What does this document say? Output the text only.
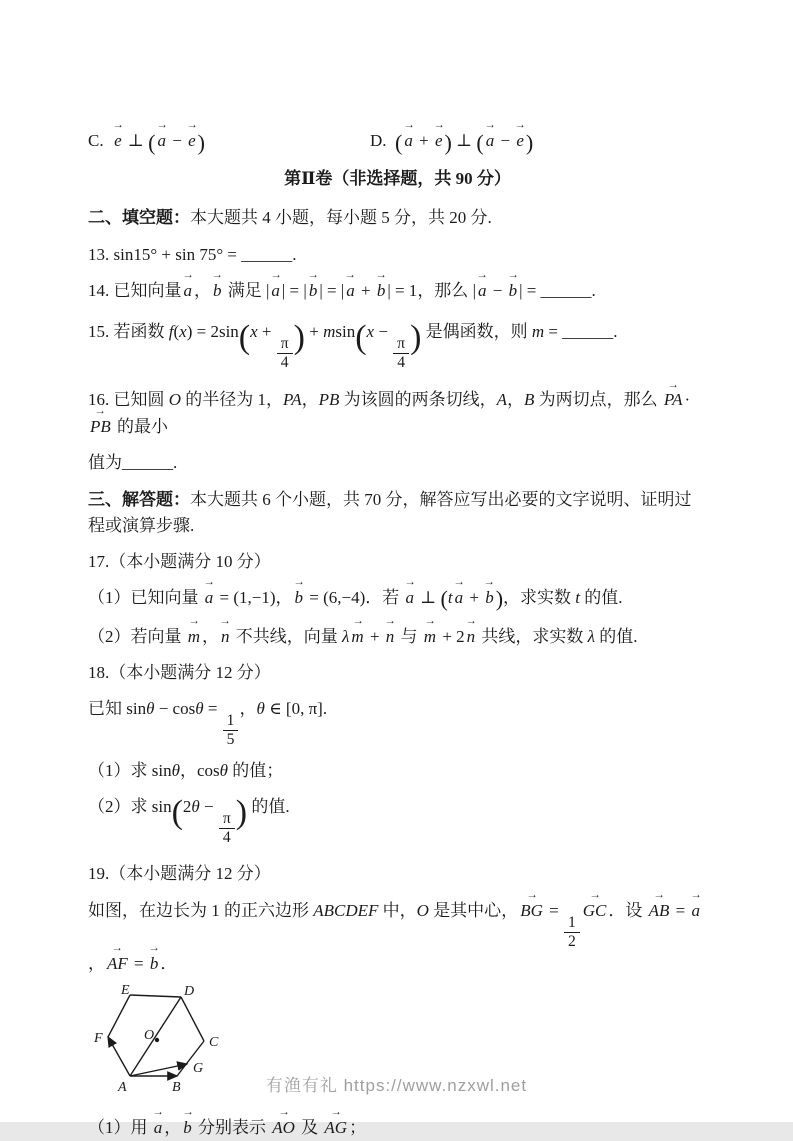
C.  → e ⊥ ( → a − → e)	D.  ( → a + → e) ⊥ ( → a − → e)
第Ⅱ卷（非选择题，共 90 分）
二、填空题：本大题共 4 小题，每小题 5 分，共 20 分.
13. sin15° + sin 75° = ______.
14. 已知向量 → a ， → b 满足 | → a | = | → b | = | → a + → b | = 1，那么 | → a − → b | = ______.
15. 若函数 f(x) = 2sin(x +
$\frac{\pi}{4}$ ) + msin(x −
$\frac{\pi}{4}$ ) 是偶函数，则 m = ______.
16. 已知圆 O 的半径为 1，PA，PB 为该圆的两条切线，A，B 为两切点，那么 → PA ·→ PB 的最小
值为______.
三、解答题：本大题共 6 个小题，共 70 分，解答应写出必要的文字说明、证明过程或演算步骤.
17.（本小题满分 10 分）
（1）已知向量 → a = (1,−1)， → b = (6,−4)．若 → a ⊥ (t → a + → b)，求实数 t 的值.
（2）若向量 → m ， → n 不共线，向量 λ → m + → n 与 → m + 2 → n 共线，求实数 λ 的值.
18.（本小题满分 12 分）
已知 sinθ − cosθ =
$\frac{1}{5}$
，θ ∈ [0, π].
（1）求 sinθ，cosθ 的值；
（2）求 sin(2θ −
$\frac{\pi}{4}$ ) 的值.
19.（本小题满分 12 分）
如图，在边长为 1 的正六边形 ABCDEF 中，O 是其中心， → BG =
$\frac{1}{2}$
→ GC ．设 → AB = → a， → AF = → b ．
A	B
C
D
E
F
G
O
（1）用 → a ， → b 分别表示 → AO 及 → AG ；
有渔有礼 https://www.nzxwl.net
